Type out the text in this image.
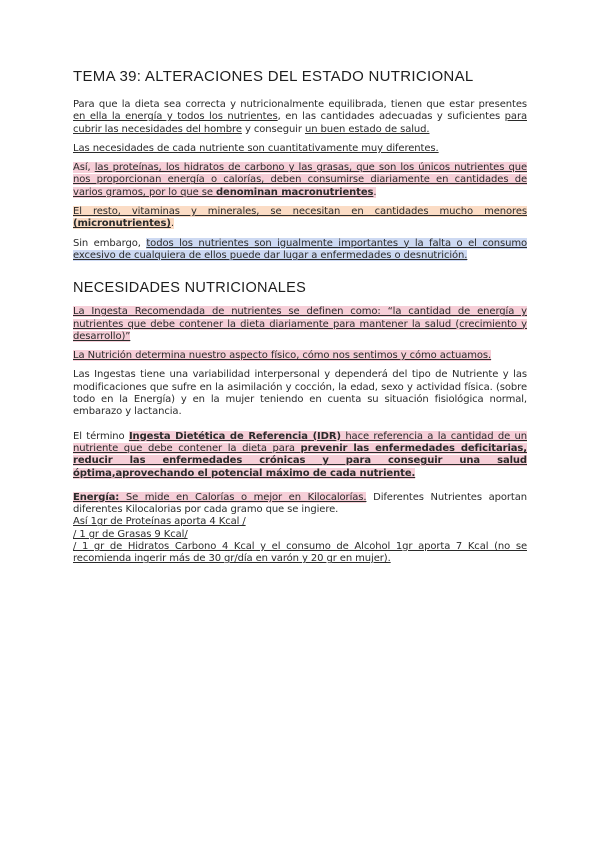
TEMA 39: ALTERACIONES DEL ESTADO NUTRICIONAL

Para que la dieta sea correcta y nutricionalmente equilibrada, tienen que estar presentes en ella la energía y todos los nutrientes, en las cantidades adecuadas y suficientes para cubrir las necesidades del hombre y conseguir un buen estado de salud.

Las necesidades de cada nutriente son cuantitativamente muy diferentes.

Así, las proteínas, los hidratos de carbono y las grasas, que son los únicos nutrientes que nos proporcionan energía o calorías, deben consumirse diariamente en cantidades de varios gramos, por lo que se denominan macronutrientes.

El resto, vitaminas y minerales, se necesitan en cantidades mucho menores (micronutrientes).

Sin embargo, todos los nutrientes son igualmente importantes y la falta o el consumo excesivo de cualquiera de ellos puede dar lugar a enfermedades o desnutrición.

NECESIDADES NUTRICIONALES

La Ingesta Recomendada de nutrientes se definen como: “la cantidad de energía y nutrientes que debe contener la dieta diariamente para mantener la salud (crecimiento y desarrollo)”

La Nutrición determina nuestro aspecto físico, cómo nos sentimos y cómo actuamos.

Las Ingestas tiene una variabilidad interpersonal y dependerá del tipo de Nutriente y las modificaciones que sufre en la asimilación y cocción, la edad, sexo y actividad física. (sobre todo en la Energía) y en la mujer teniendo en cuenta su situación fisiológica normal, embarazo y lactancia.

El término Ingesta Dietética de Referencia (IDR) hace referencia a la cantidad de un nutriente que debe contener la dieta para prevenir las enfermedades deficitarias, reducir las enfermedades crónicas y para conseguir una salud óptima,aprovechando el potencial máximo de cada nutriente.

Energía: Se mide en Calorías o mejor en Kilocalorías. Diferentes Nutrientes aportan diferentes Kilocalorias por cada gramo que se ingiere.
Así 1gr de Proteínas aporta 4 Kcal /
/ 1 gr de Grasas 9 Kcal/
/ 1 gr de Hidratos Carbono 4 Kcal y el consumo de Alcohol 1gr aporta 7 Kcal (no se recomienda ingerir más de 30 gr/día en varón y 20 gr en mujer).
